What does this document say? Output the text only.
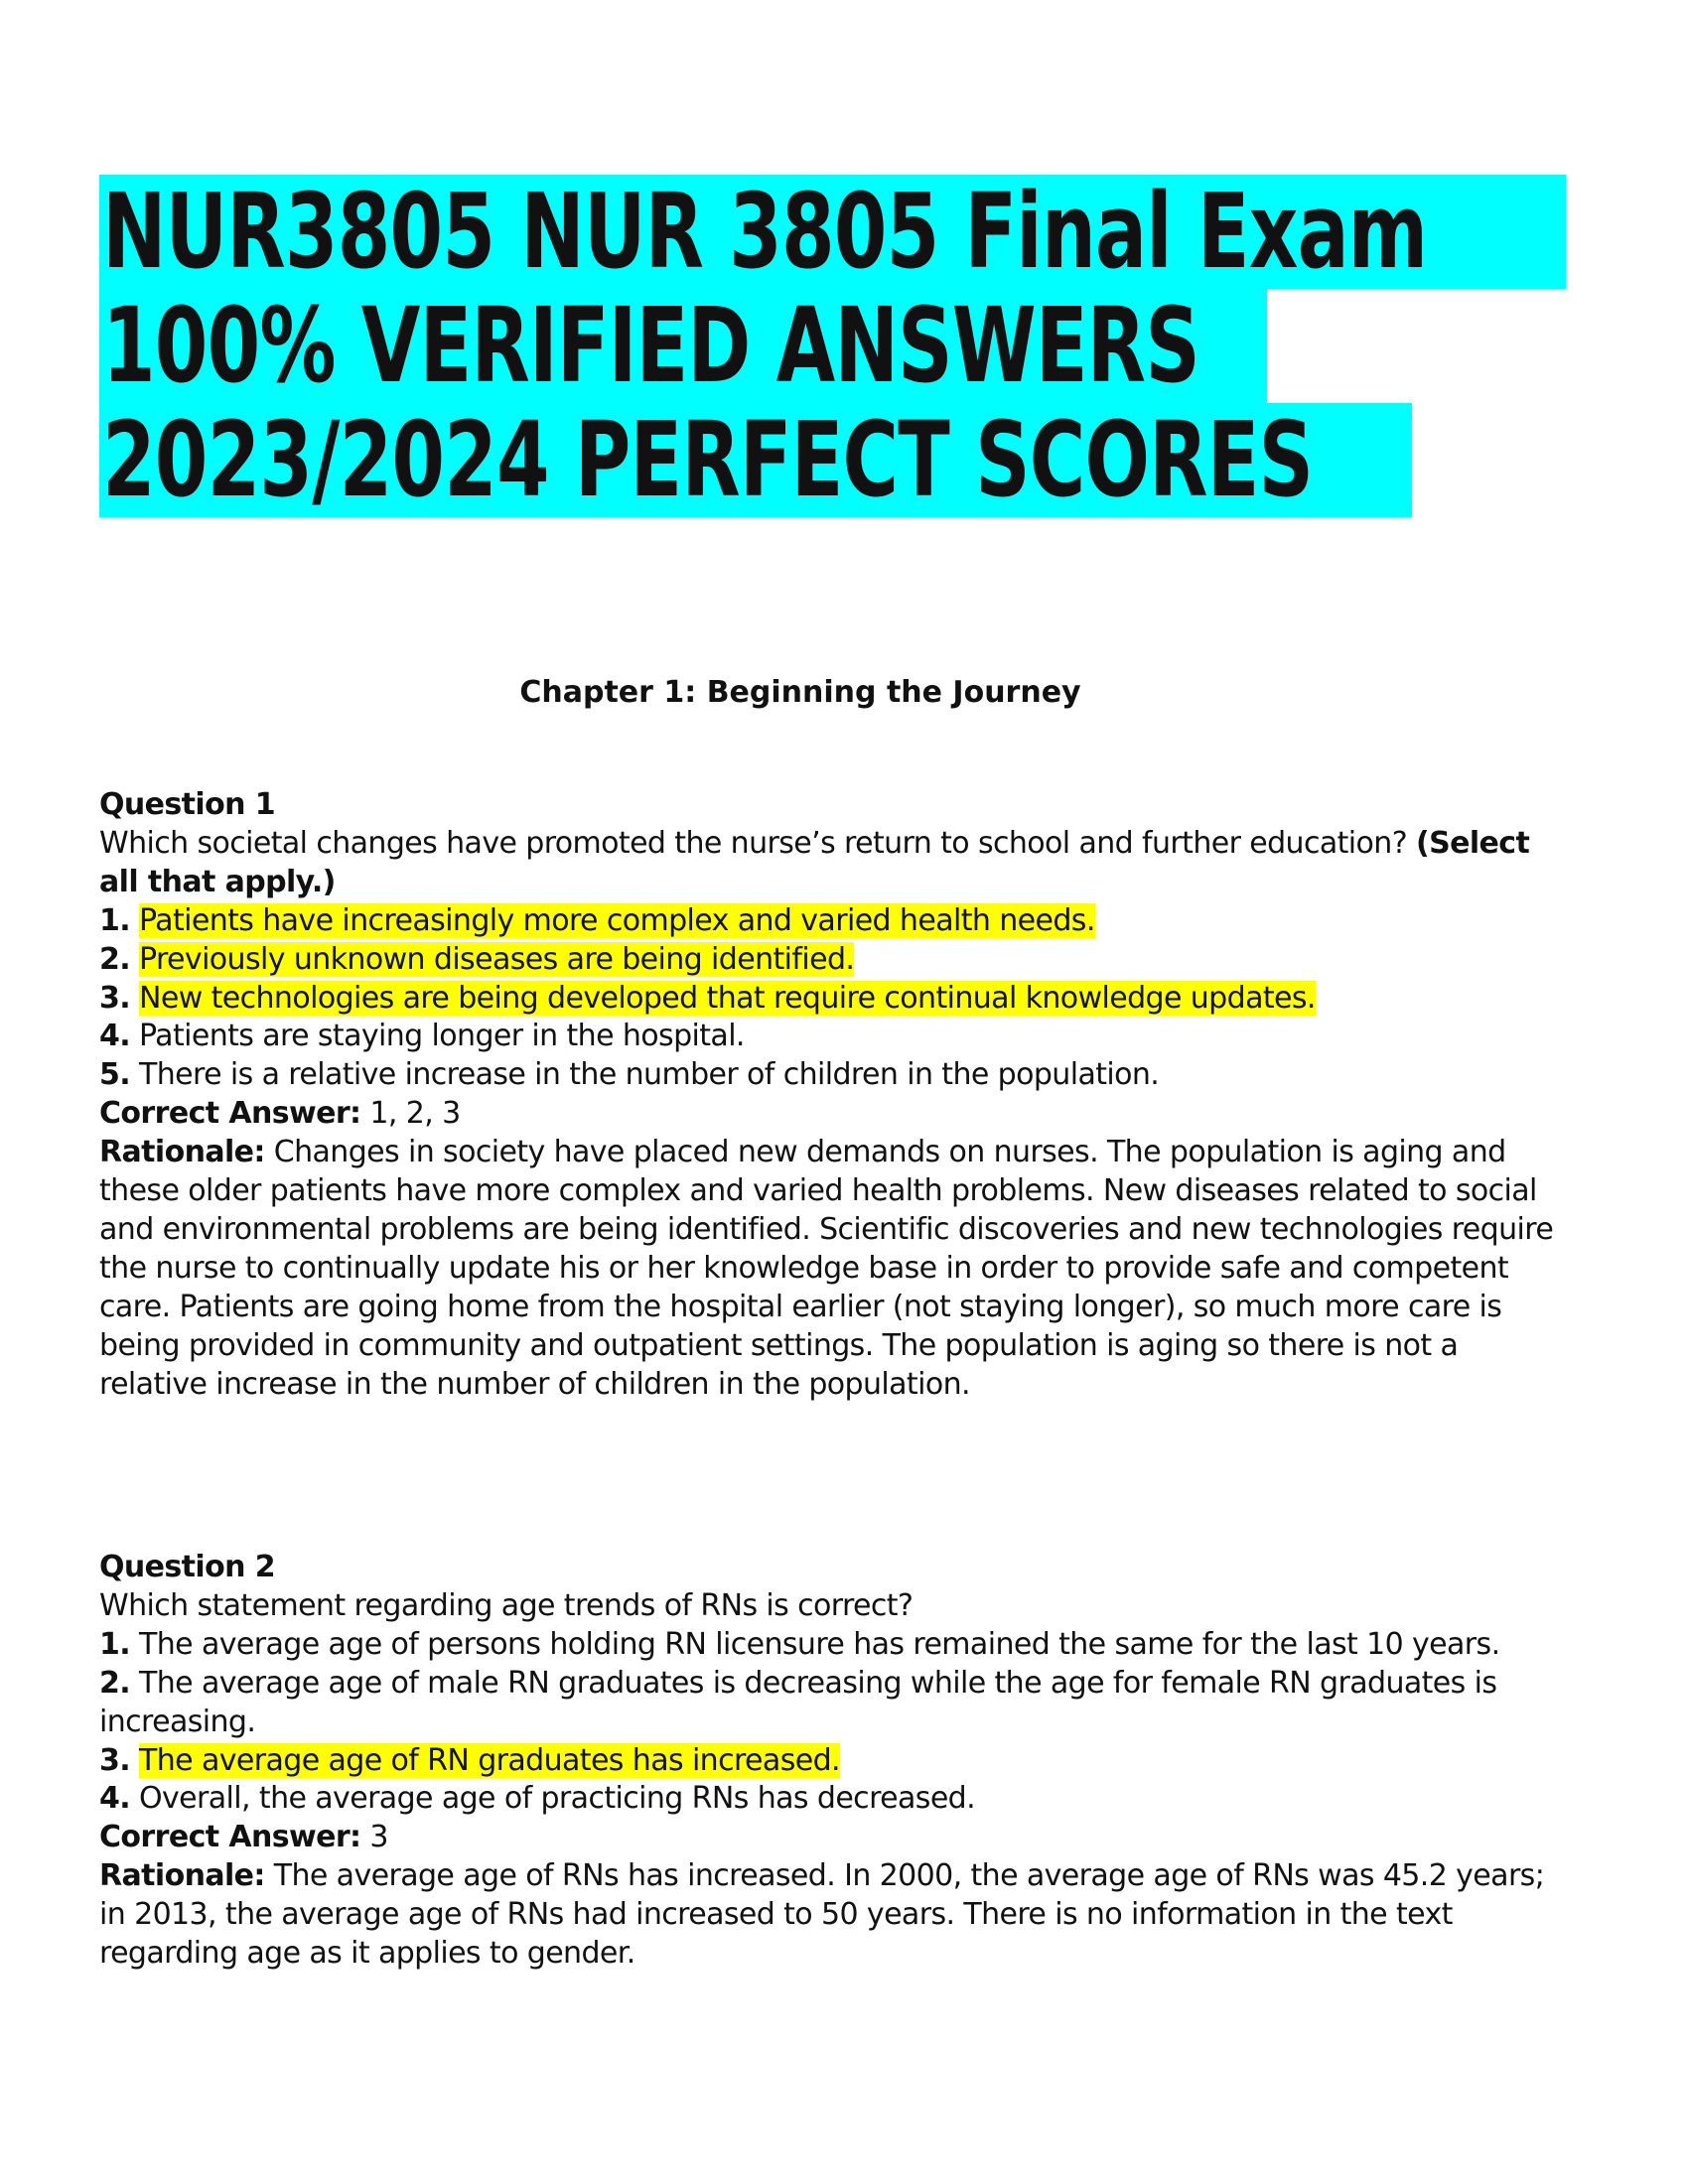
NUR3805 NUR 3805 Final Exam
100% VERIFIED ANSWERS
2023/2024 PERFECT SCORES
Chapter 1: Beginning the Journey

Question 1

Which societal changes have promoted the nurse’s return to school and further education? (Select all that apply.)

1. Patients have increasingly more complex and varied health needs.

2. Previously unknown diseases are being identified.

3. New technologies are being developed that require continual knowledge updates.

4. Patients are staying longer in the hospital.

5. There is a relative increase in the number of children in the population.

Correct Answer: 1, 2, 3

Rationale: Changes in society have placed new demands on nurses. The population is aging and these older patients have more complex and varied health problems. New diseases related to social and environmental problems are being identified. Scientific discoveries and new technologies require the nurse to continually update his or her knowledge base in order to provide safe and competent care. Patients are going home from the hospital earlier (not staying longer), so much more care is being provided in community and outpatient settings. The population is aging so there is not a relative increase in the number of children in the population.

Question 2

Which statement regarding age trends of RNs is correct?

1. The average age of persons holding RN licensure has remained the same for the last 10 years.

2. The average age of male RN graduates is decreasing while the age for female RN graduates is increasing.

3. The average age of RN graduates has increased.

4. Overall, the average age of practicing RNs has decreased.

Correct Answer: 3

Rationale: The average age of RNs has increased. In 2000, the average age of RNs was 45.2 years; in 2013, the average age of RNs had increased to 50 years. There is no information in the text regarding age as it applies to gender.
